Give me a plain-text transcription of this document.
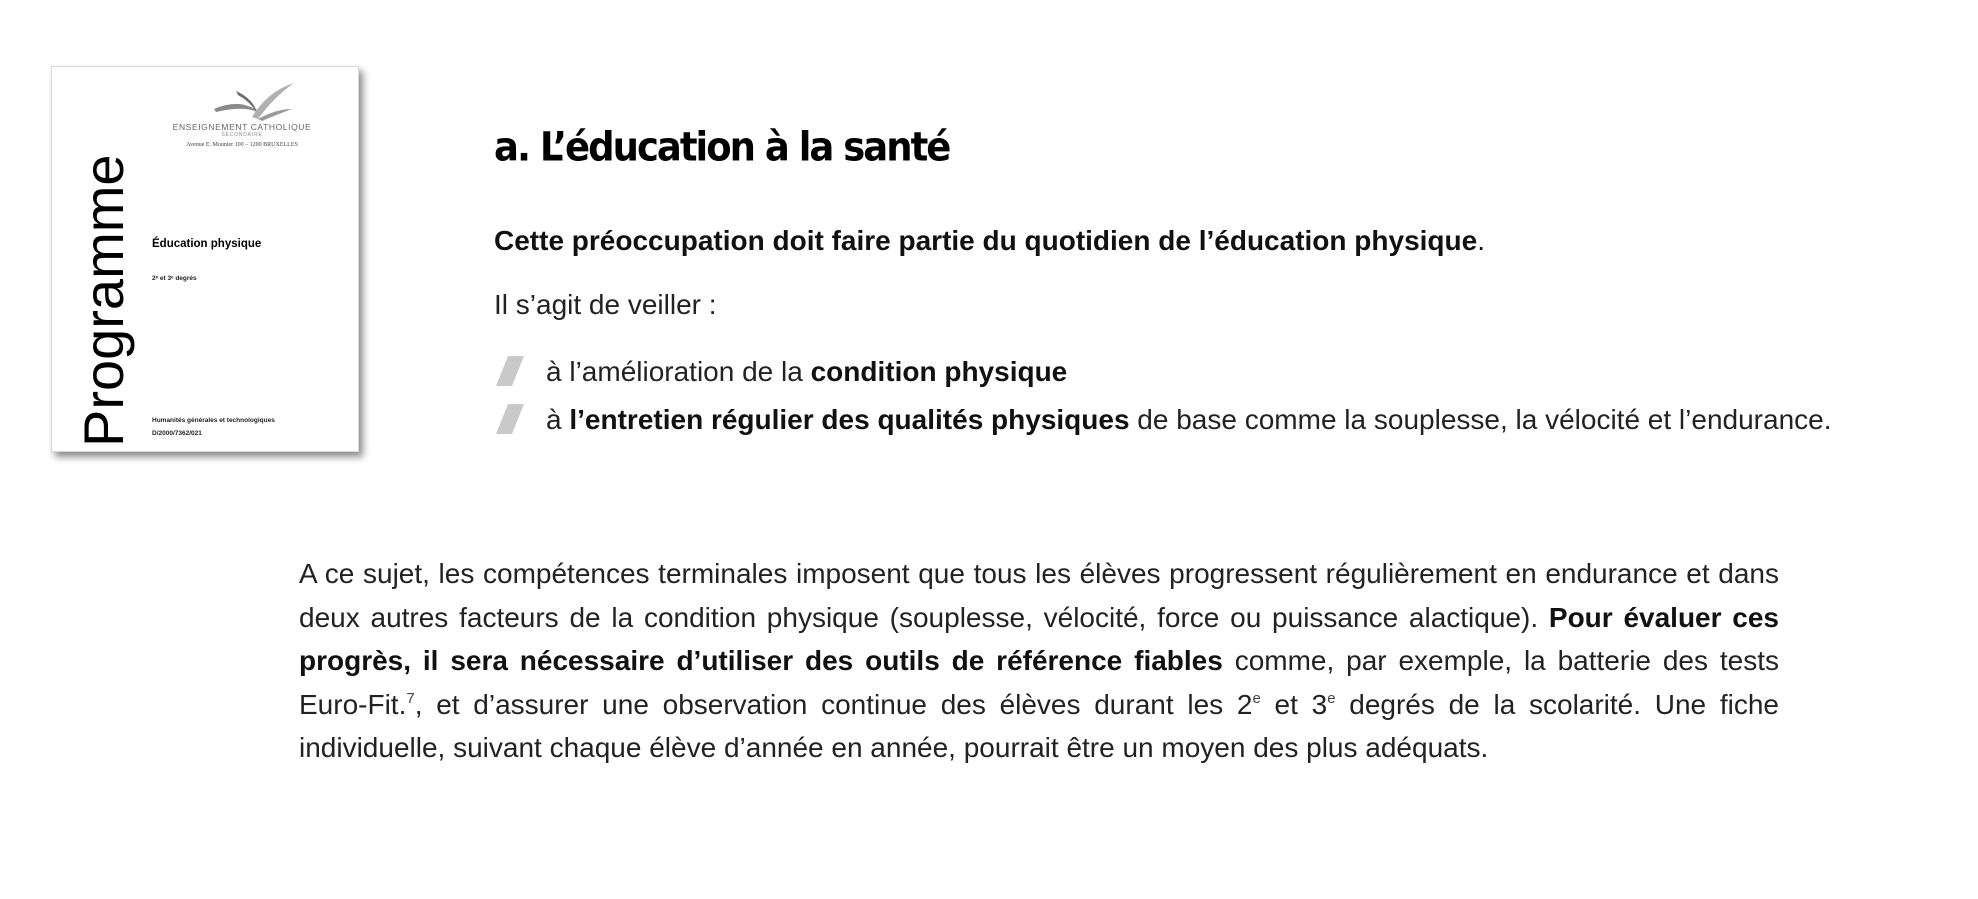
ENSEIGNEMENT CATHOLIQUE
SECONDAIRE
Avenue E. Mounier 100 – 1200 BRUXELLES
Programme Éducation physique
2ᵉ et 3ᵉ degrés
Humanités générales et technologiques
D/2000/7362/021
a. L’éducation à la santé

Cette préoccupation doit faire partie du quotidien de l’éducation physique.

Il s’agit de veiller :

à l’amélioration de la condition physique
à l’entretien régulier des qualités physiques de base comme la souplesse, la vélocité et l’endurance.

A ce sujet, les compétences terminales imposent que tous les élèves progressent régulièrement en endurance et dans deux autres facteurs de la condition physique (souplesse, vélocité, force ou puissance alactique). Pour évaluer ces progrès, il sera nécessaire d’utiliser des outils de référence fiables comme, par exemple, la batterie des tests Euro-Fit.$^7$, et d’assurer une observation continue des élèves durant les 2e et 3e degrés de la scolarité. Une fiche individuelle, suivant chaque élève d’année en année, pourrait être un moyen des plus adéquats.
